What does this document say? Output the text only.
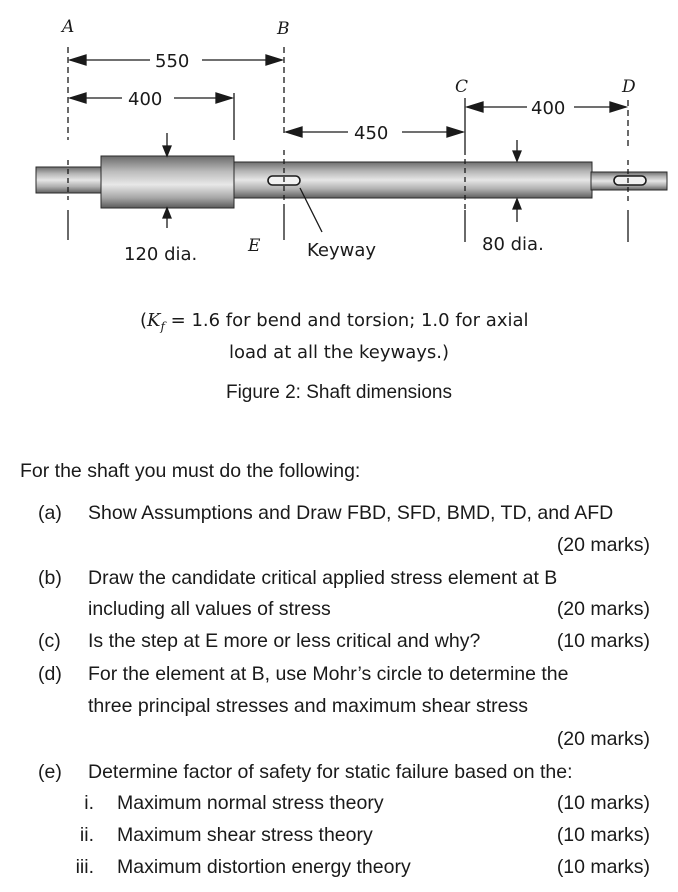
A	B
C	D
550
400
450
400
120 dia.	E	Keyway	80 dia.
($K_f = 1.6$ for bend and torsion; 1.0 for axial
load at all the keyways.)
Figure 2: Shaft dimensions
For the shaft you must do the following:
(a) Show Assumptions and Draw FBD, SFD, BMD, TD, and AFD
(20 marks)
(b) Draw the candidate critical applied stress element at B
including all values of stress	(20 marks)
(c) Is the step at E more or less critical and why?	(10 marks)
(d) For the element at B, use Mohr’s circle to determine the
three principal stresses and maximum shear stress
(20 marks)
(e) Determine factor of safety for static failure based on the:
i. Maximum normal stress theory	(10 marks)
ii. Maximum shear stress theory	(10 marks)
iii. Maximum distortion energy theory	(10 marks)
